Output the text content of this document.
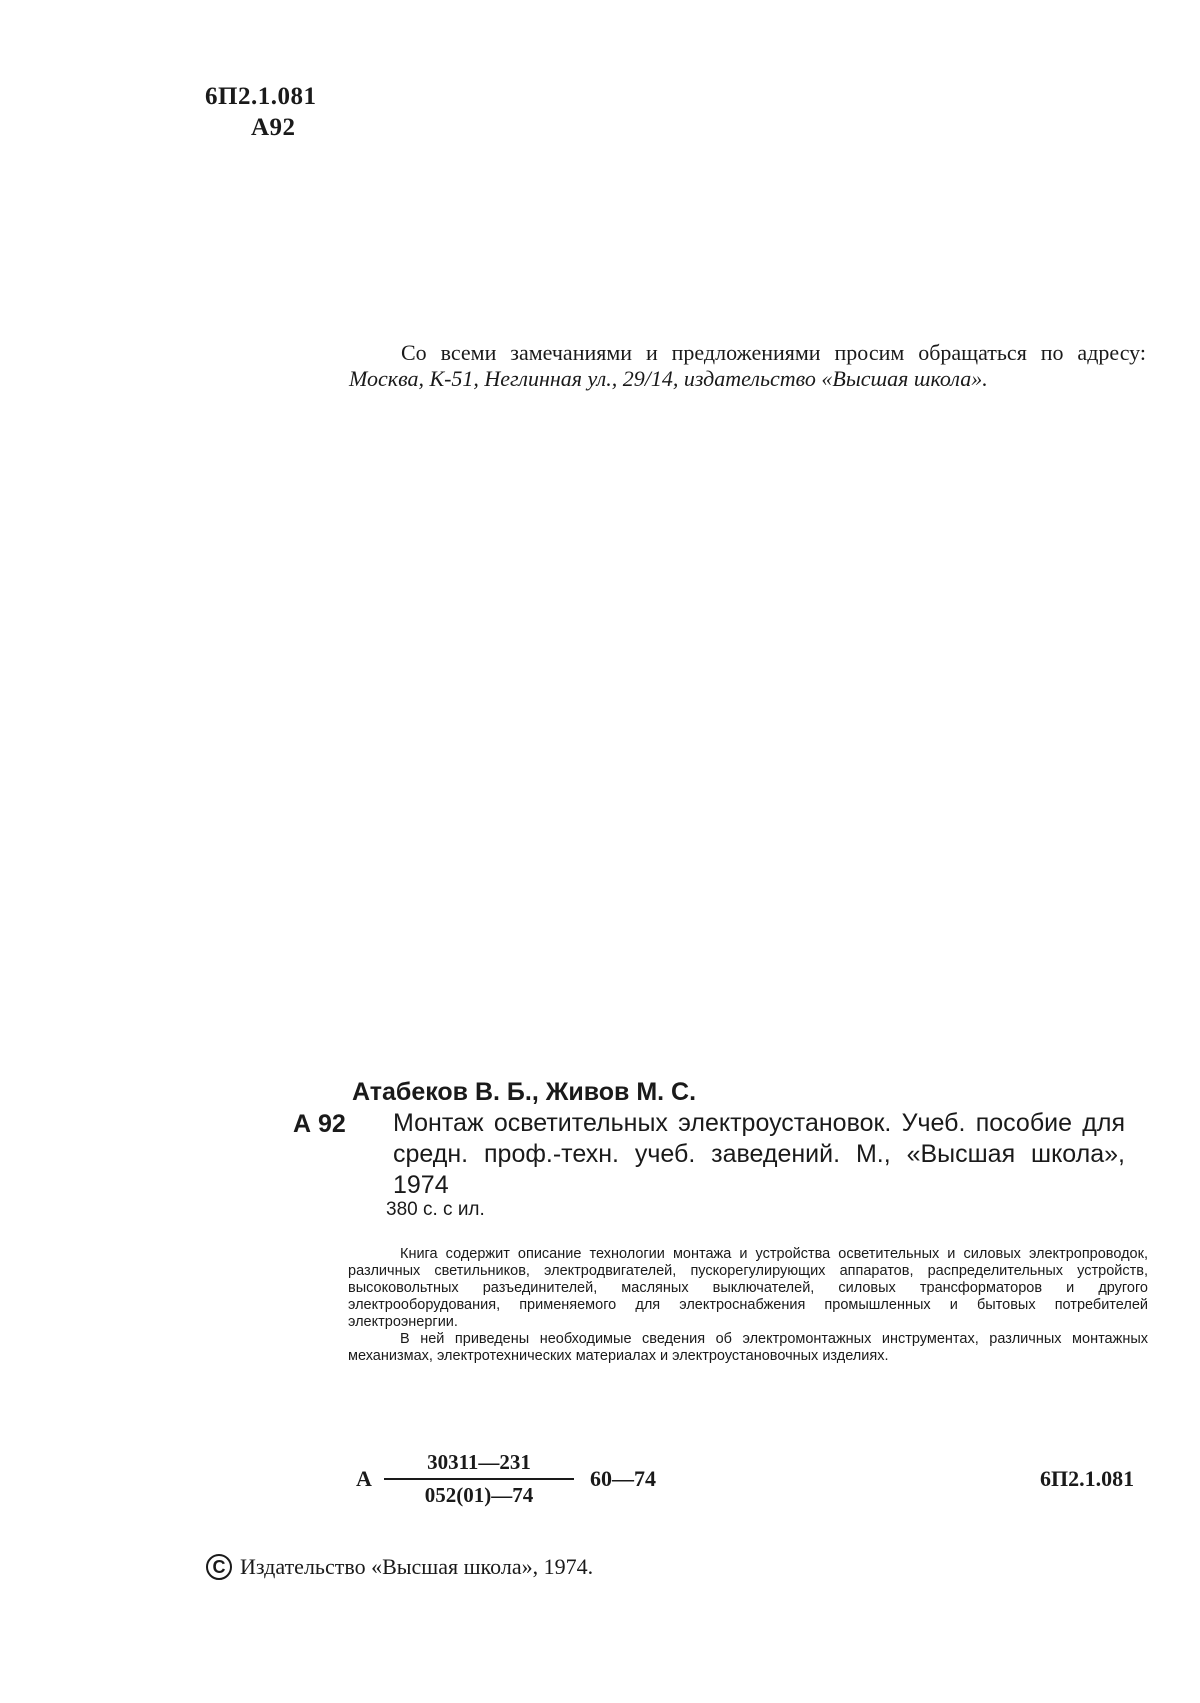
6П2.1.081
А92
Со всеми замечаниями и предложениями просим обращаться по адресу: Москва, К-51, Неглинная ул., 29/14, издательство «Высшая школа».
Атабеков В. Б., Живов М. С.
А 92 Монтаж осветительных электроустановок. Учеб. пособие для средн. проф.-техн. учеб. заведений. М., «Высшая школа», 1974

380 с. с ил.

Книга содержит описание технологии монтажа и устройства осветительных и силовых электропроводок, различных светильников, электродвигателей, пускорегулирующих аппаратов, распределительных устройств, высоковольтных разъединителей, масляных выключателей, силовых трансформаторов и другого электрооборудования, применяемого для электроснабжения промышленных и бытовых потребителей электроэнергии.

В ней приведены необходимые сведения об электромонтажных инструментах, различных монтажных механизмах, электротехнических материалах и электроустановочных изделиях.

А
30311—231
052(01)—74
60—74	6П2.1.081
C Издательство «Высшая школа», 1974.
